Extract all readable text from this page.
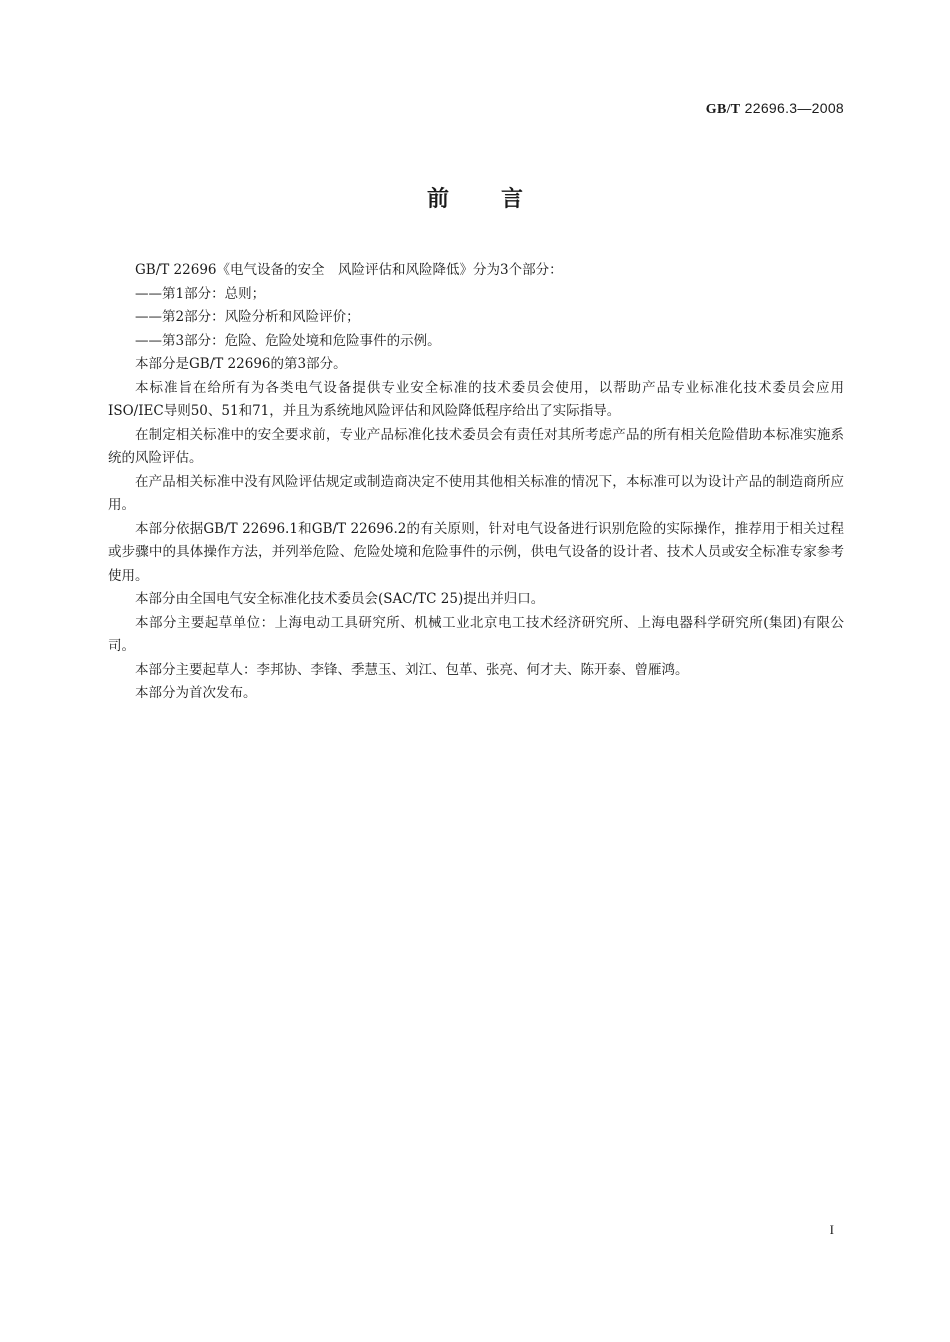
GB/T 22696.3—2008
前言

GB/T 22696《电气设备的安全　风险评估和风险降低》分为3个部分：

——第1部分：总则；

——第2部分：风险分析和风险评价；

——第3部分：危险、危险处境和危险事件的示例。

本部分是GB/T 22696的第3部分。

本标准旨在给所有为各类电气设备提供专业安全标准的技术委员会使用，以帮助产品专业标准化技术委员会应用ISO/IEC导则50、51和71，并且为系统地风险评估和风险降低程序给出了实际指导。

在制定相关标准中的安全要求前，专业产品标准化技术委员会有责任对其所考虑产品的所有相关危险借助本标准实施系统的风险评估。

在产品相关标准中没有风险评估规定或制造商决定不使用其他相关标准的情况下，本标准可以为设计产品的制造商所应用。

本部分依据GB/T 22696.1和GB/T 22696.2的有关原则，针对电气设备进行识别危险的实际操作，推荐用于相关过程或步骤中的具体操作方法，并列举危险、危险处境和危险事件的示例，供电气设备的设计者、技术人员或安全标准专家参考使用。

本部分由全国电气安全标准化技术委员会(SAC/TC 25)提出并归口。

本部分主要起草单位：上海电动工具研究所、机械工业北京电工技术经济研究所、上海电器科学研究所(集团)有限公司。

本部分主要起草人：李邦协、李锋、季慧玉、刘江、包革、张亮、何才夫、陈开泰、曾雁鸿。

本部分为首次发布。

I
